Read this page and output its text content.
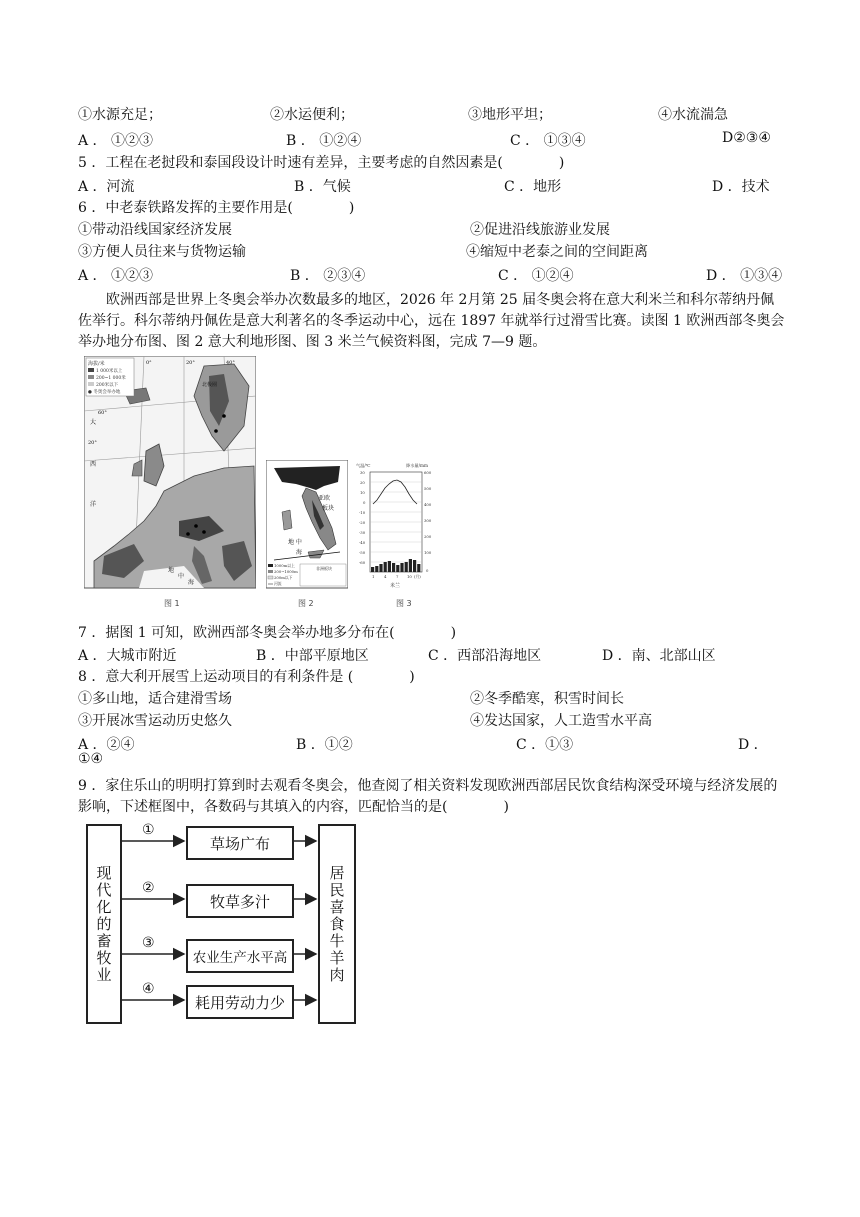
①水源充足；	②水运便利；	③地形平坦；	④水流湍急
A ． ①②③	B ． ①②④	C ． ①③④	D②③④
5 ．工程在老挝段和泰国段设计时速有差异，主要考虑的自然因素是(　　　　)
A ．河流	B ．气候	C ．地形	D ．技术
6 ．中老泰铁路发挥的主要作用是(　　　　)
①带动沿线国家经济发展	②促进沿线旅游业发展
③方便人员往来与货物运输	④缩短中老泰之间的空间距离
A ． ①②③	B ． ②③④	C ． ①②④	D ． ①③④
欧洲西部是世界上冬奥会举办次数最多的地区，2026 年 2月第 25 届冬奥会将在意大利米兰和科尔蒂纳丹佩佐举行。科尔蒂纳丹佩佐是意大利著名的冬季运动中心，远在 1897 年就举行过滑雪比赛。读图 1 欧洲西部冬奥会举办地分布图、图 2 意大利地形图、图 3 米兰气候资料图，完成 7—9 题。
海拔/米
1 000米以上
200~1 000米
200米以下
● 冬奥会举办地
北极圈
大
西
洋
地
中
海
60°
20°
0°	20°	40°
图 1
亚欧
板块
地 中
海
非洲板块
1000m以上
200~1000m
200m以下
河流
图 2
气温/℃	降水量/mm
30
20
10
0
-10
-20
-30
-40
-50
-60
600
500
400
300
200
100
0
1	4	7 10 (月)
米兰
图 3
7 ．据图 1 可知，欧洲西部冬奥会举办地多分布在(　　　　)
A ．大城市附近	B ．中部平原地区	C ．西部沿海地区	D ．南、北部山区
8 ．意大利开展雪上运动项目的有利条件是 (　　　　)
①多山地，适合建滑雪场	②冬季酷寒，积雪时间长
③开展冰雪运动历史悠久	④发达国家，人工造雪水平高
A ．②④	B ．①②	C ．①③	D ．
①④
9 ．家住乐山的明明打算到时去观看冬奥会，他查阅了相关资料发现欧洲西部居民饮食结构深受环境与经济发展的影响，下述框图中，各数码与其填入的内容，匹配恰当的是(　　　　)
现代化的畜牧业	居民喜食牛羊肉
①
②
③
④
草场广布
牧草多汁
农业生产水平高
耗用劳动力少
